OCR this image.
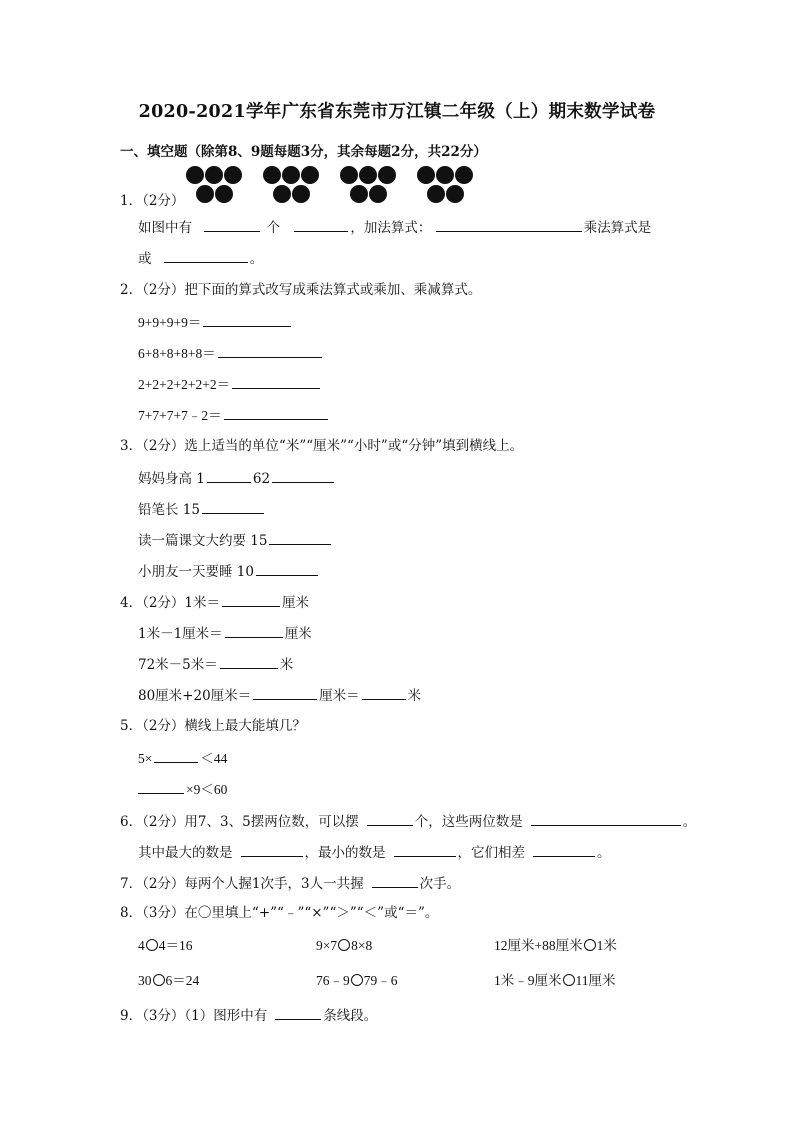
2020-2021学年广东省东莞市万江镇二年级（上）期末数学试卷
一、填空题（除第8、9题每题3分，其余每题2分，共22分）
1．（2分）
如图中有	个	，加法算式：	乘法算式是
或	。
2．（2分）把下面的算式改写成乘法算式或乘加、乘减算式。
9+9+9+9＝
6+8+8+8+8＝
2+2+2+2+2+2＝
7+7+7+7﹣2＝
3．（2分）选上适当的单位“米”“厘米”“小时”或“分钟”填到横线上。
妈妈身高 1	62
铅笔长 15
读一篇课文大约要 15
小朋友一天要睡 10
4．（2分）1米＝	厘米
1米－1厘米＝	厘米
72米－5米＝	米
80厘米+20厘米＝	厘米＝	米
5．（2分）横线上最大能填几？
5×	＜44
×9＜60
6．（2分）用7、3、5摆两位数，可以摆	个，这些两位数是	。
其中最大的数是	，最小的数是	，它们相差	。
7．（2分）每两个人握1次手，3人一共握	次手。
8．（3分）在〇里填上“+”“﹣”“×”“＞”“＜”或“＝”。
4 4＝16	9×7 8×8	12厘米+88厘米 1米
30 6＝24	76﹣9 79﹣6	1米﹣9厘米 11厘米
9．（3分）（1）图形中有	条线段。
